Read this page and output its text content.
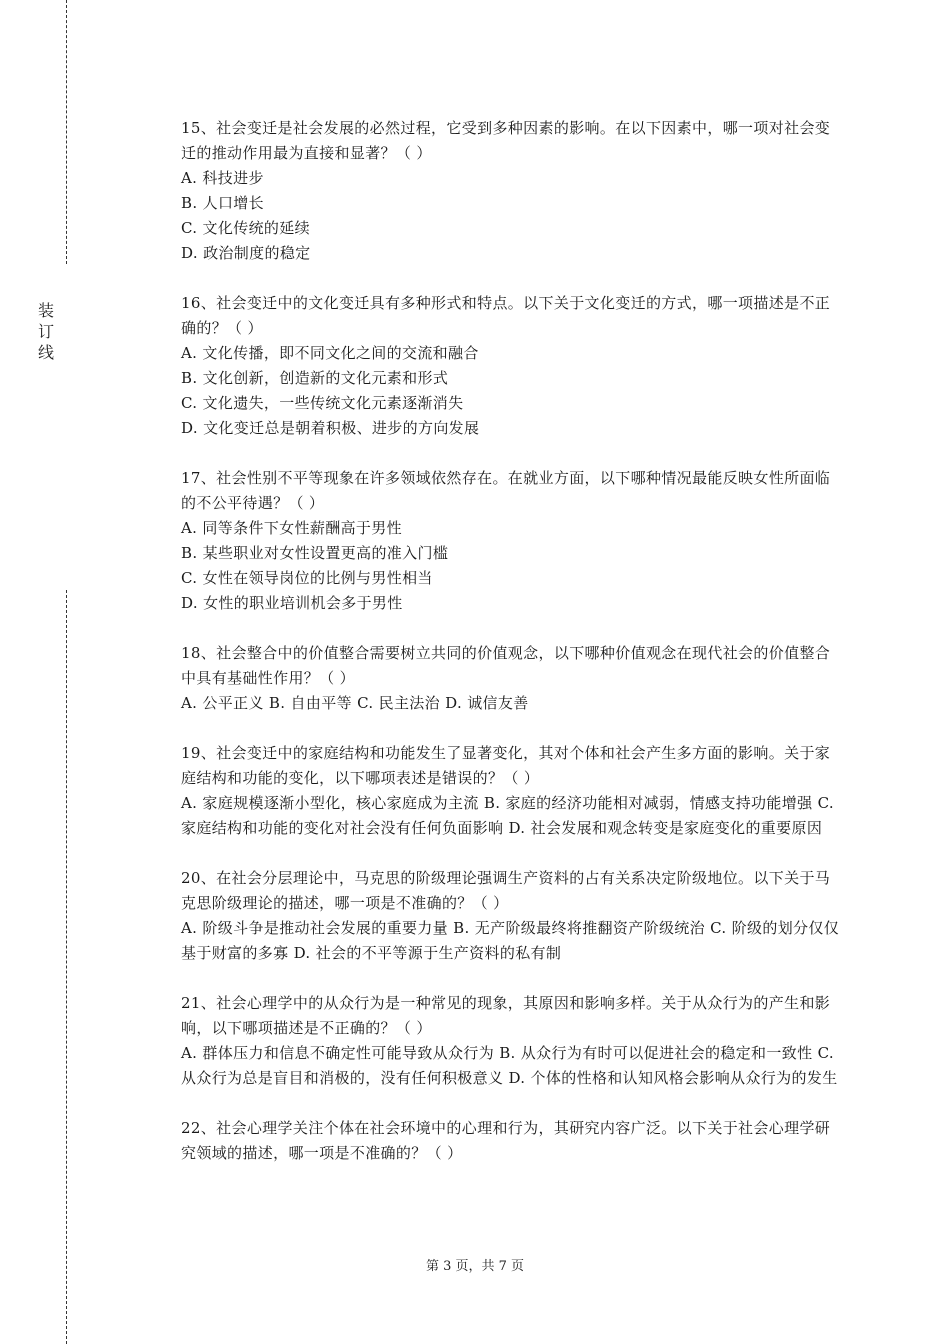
装
订
线

15、社会变迁是社会发展的必然过程，它受到多种因素的影响。在以下因素中，哪一项对社会变迁的推动作用最为直接和显著？（ ）

A. 科技进步

B. 人口增长

C. 文化传统的延续

D. 政治制度的稳定

16、社会变迁中的文化变迁具有多种形式和特点。以下关于文化变迁的方式，哪一项描述是不正确的？（ ）

A. 文化传播，即不同文化之间的交流和融合

B. 文化创新，创造新的文化元素和形式

C. 文化遗失，一些传统文化元素逐渐消失

D. 文化变迁总是朝着积极、进步的方向发展

17、社会性别不平等现象在许多领域依然存在。在就业方面，以下哪种情况最能反映女性所面临的不公平待遇？（ ）

A. 同等条件下女性薪酬高于男性

B. 某些职业对女性设置更高的准入门槛

C. 女性在领导岗位的比例与男性相当

D. 女性的职业培训机会多于男性

18、社会整合中的价值整合需要树立共同的价值观念，以下哪种价值观念在现代社会的价值整合中具有基础性作用？（ ）

A. 公平正义 B. 自由平等 C. 民主法治 D. 诚信友善

19、社会变迁中的家庭结构和功能发生了显著变化，其对个体和社会产生多方面的影响。关于家庭结构和功能的变化，以下哪项表述是错误的？（ ）

A. 家庭规模逐渐小型化，核心家庭成为主流 B. 家庭的经济功能相对减弱，情感支持功能增强 C. 家庭结构和功能的变化对社会没有任何负面影响 D. 社会发展和观念转变是家庭变化的重要原因

20、在社会分层理论中，马克思的阶级理论强调生产资料的占有关系决定阶级地位。以下关于马克思阶级理论的描述，哪一项是不准确的？（ ）

A. 阶级斗争是推动社会发展的重要力量 B. 无产阶级最终将推翻资产阶级统治 C. 阶级的划分仅仅基于财富的多寡 D. 社会的不平等源于生产资料的私有制

21、社会心理学中的从众行为是一种常见的现象，其原因和影响多样。关于从众行为的产生和影响，以下哪项描述是不正确的？（ ）

A. 群体压力和信息不确定性可能导致从众行为 B. 从众行为有时可以促进社会的稳定和一致性 C. 从众行为总是盲目和消极的，没有任何积极意义 D. 个体的性格和认知风格会影响从众行为的发生

22、社会心理学关注个体在社会环境中的心理和行为，其研究内容广泛。以下关于社会心理学研究领域的描述，哪一项是不准确的？（ ）

第 3 页，共 7 页
